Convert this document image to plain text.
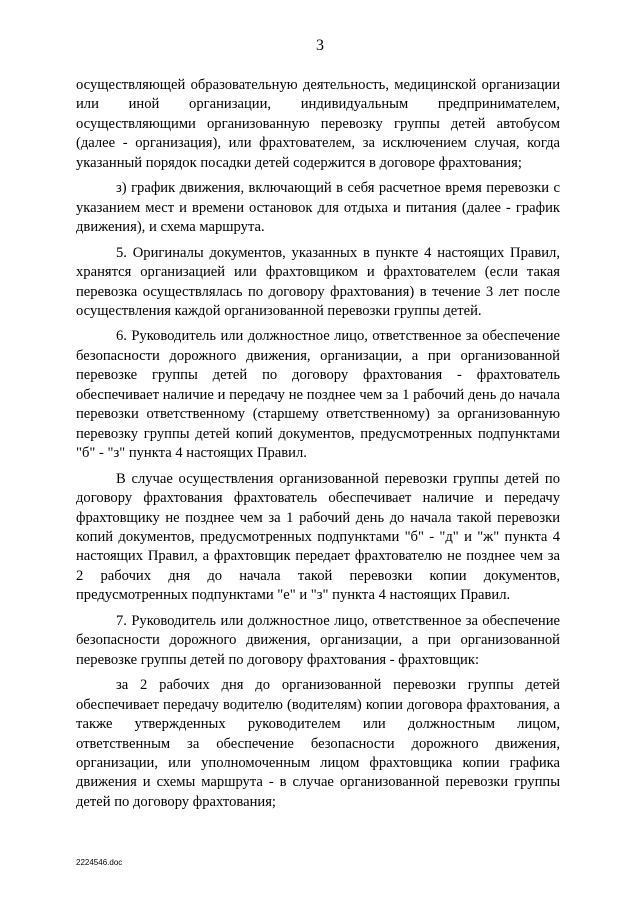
3

осуществляющей образовательную деятельность, медицинской организации или иной организации, индивидуальным предпринимателем, осуществляющими организованную перевозку группы детей автобусом (далее - организация), или фрахтователем, за исключением случая, когда указанный порядок посадки детей содержится в договоре фрахтования;

з) график движения, включающий в себя расчетное время перевозки с указанием мест и времени остановок для отдыха и питания (далее - график движения), и схема маршрута.

5. Оригиналы документов, указанных в пункте 4 настоящих Правил, хранятся организацией или фрахтовщиком и фрахтователем (если такая перевозка осуществлялась по договору фрахтования) в течение 3 лет после осуществления каждой организованной перевозки группы детей.

6. Руководитель или должностное лицо, ответственное за обеспечение безопасности дорожного движения, организации, а при организованной перевозке группы детей по договору фрахтования - фрахтователь обеспечивает наличие и передачу не позднее чем за 1 рабочий день до начала перевозки ответственному (старшему ответственному) за организованную перевозку группы детей копий документов, предусмотренных подпунктами "б" - "з" пункта 4 настоящих Правил.

В случае осуществления организованной перевозки группы детей по договору фрахтования фрахтователь обеспечивает наличие и передачу фрахтовщику не позднее чем за 1 рабочий день до начала такой перевозки копий документов, предусмотренных подпунктами "б" - "д" и "ж" пункта 4 настоящих Правил, а фрахтовщик передает фрахтователю не позднее чем за 2 рабочих дня до начала такой перевозки копии документов, предусмотренных подпунктами "е" и "з" пункта 4 настоящих Правил.

7. Руководитель или должностное лицо, ответственное за обеспечение безопасности дорожного движения, организации, а при организованной перевозке группы детей по договору фрахтования - фрахтовщик:

за 2 рабочих дня до организованной перевозки группы детей обеспечивает передачу водителю (водителям) копии договора фрахтования, а также утвержденных руководителем или должностным лицом, ответственным за обеспечение безопасности дорожного движения, организации, или уполномоченным лицом фрахтовщика копии графика движения и схемы маршрута - в случае организованной перевозки группы детей по договору фрахтования;

2224546.doc
